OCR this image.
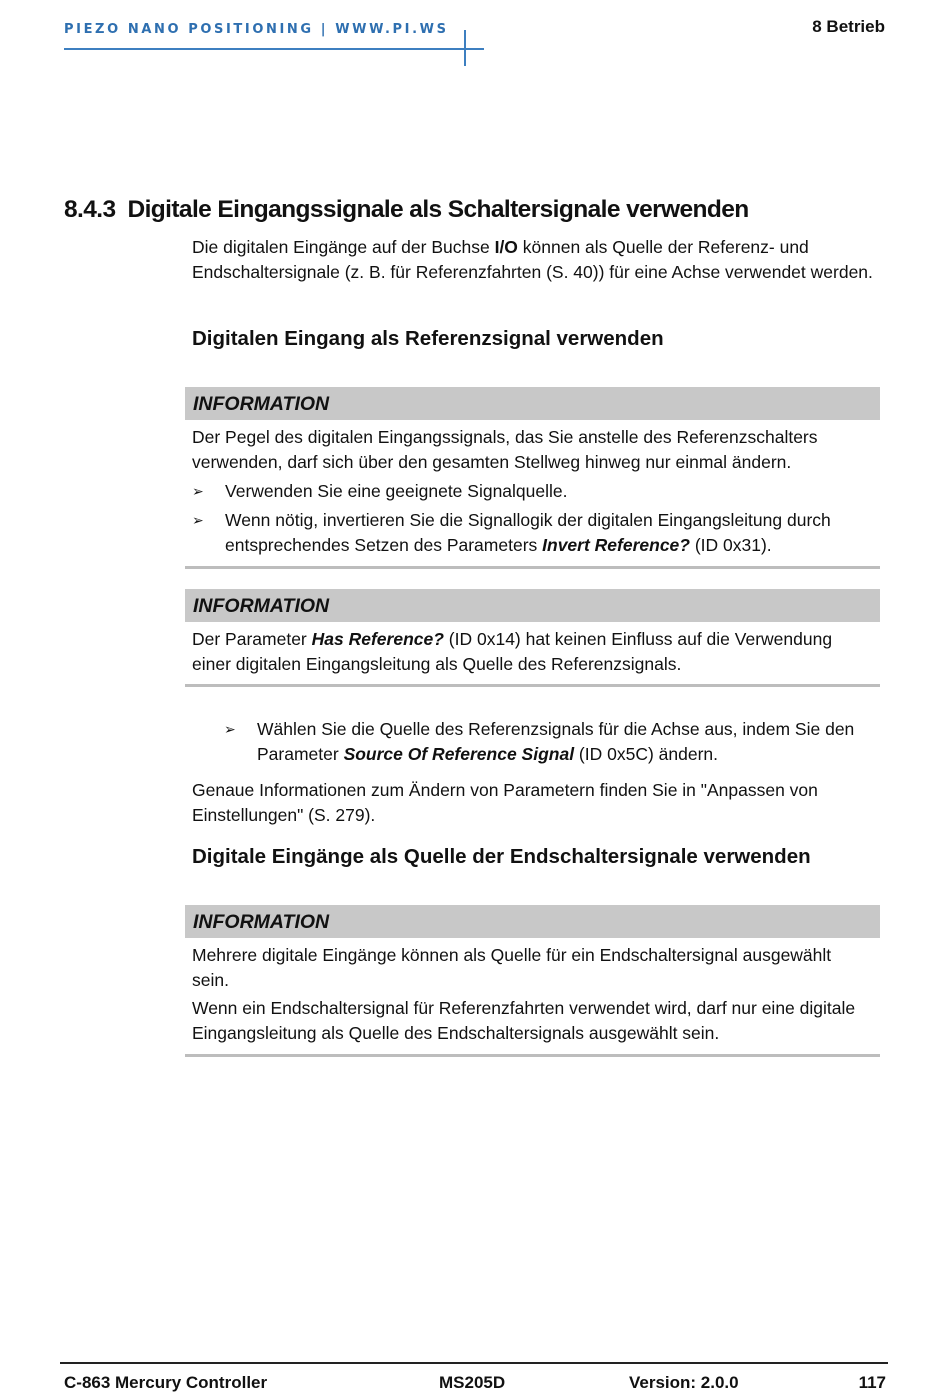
PIEZO NANO POSITIONING | WWW.PI.WS	8 Betrieb
8.4.3 Digitale Eingangssignale als Schaltersignale verwenden

Die digitalen Eingänge auf der Buchse I/O können als Quelle der Referenz- und Endschaltersignale (z. B. für Referenzfahrten (S. 40)) für eine Achse verwendet werden.

Digitalen Eingang als Referenzsignal verwenden
INFORMATION

Der Pegel des digitalen Eingangssignals, das Sie anstelle des Referenzschalters verwenden, darf sich über den gesamten Stellweg hinweg nur einmal ändern.

➢	Verwenden Sie eine geeignete Signalquelle.
➢	Wenn nötig, invertieren Sie die Signallogik der digitalen Eingangsleitung durch entsprechendes Setzen des Parameters Invert Reference? (ID 0x31).
INFORMATION

Der Parameter Has Reference? (ID 0x14) hat keinen Einfluss auf die Verwendung einer digitalen Eingangsleitung als Quelle des Referenzsignals.

➢	Wählen Sie die Quelle des Referenzsignals für die Achse aus, indem Sie den Parameter Source Of Reference Signal (ID 0x5C) ändern.

Genaue Informationen zum Ändern von Parametern finden Sie in "Anpassen von Einstellungen" (S. 279).

Digitale Eingänge als Quelle der Endschaltersignale verwenden
INFORMATION

Mehrere digitale Eingänge können als Quelle für ein Endschaltersignal ausgewählt sein.

Wenn ein Endschaltersignal für Referenzfahrten verwendet wird, darf nur eine digitale Eingangsleitung als Quelle des Endschaltersignals ausgewählt sein.

C-863 Mercury Controller	MS205D	Version: 2.0.0	117
